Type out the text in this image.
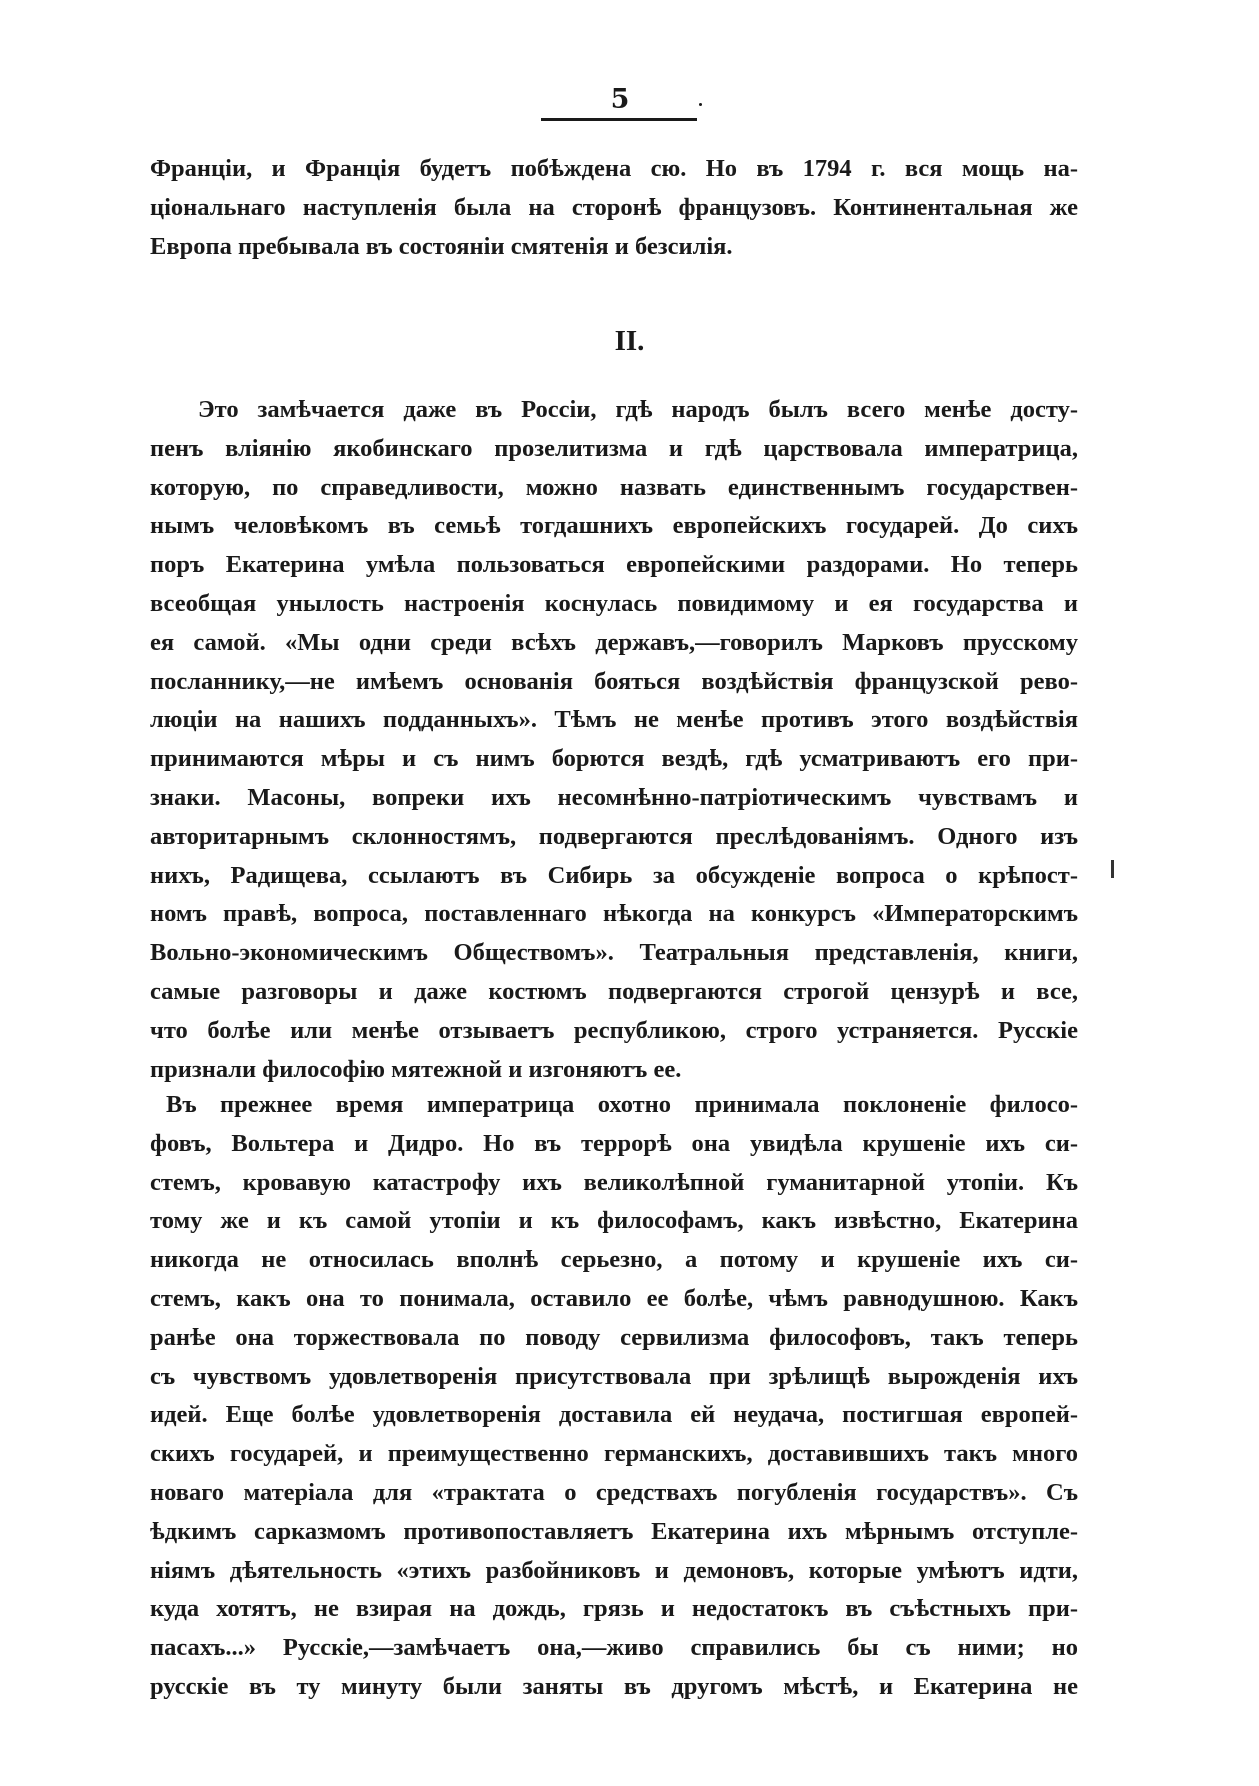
5
Франціи, и Франція будетъ побѣждена сю. Но въ 1794 г. вся мощь на-
ціональнаго наступленія была на сторонѣ французовъ. Континентальная же
Европа пребывала въ состояніи смятенія и безсилія.
II.
Это замѣчается даже въ Россіи, гдѣ народъ былъ всего менѣе досту-
пенъ вліянію якобинскаго прозелитизма и гдѣ царствовала императрица,
которую, по справедливости, можно назвать единственнымъ государствен-
нымъ человѣкомъ въ семьѣ тогдашнихъ европейскихъ государей. До сихъ
поръ Екатерина умѣла пользоваться европейскими раздорами. Но теперь
всеобщая унылость настроенія коснулась повидимому и ея государства и
ея самой. «Мы одни среди всѣхъ державъ,—говорилъ Марковъ прусскому
посланнику,—не имѣемъ основанія бояться воздѣйствія французской рево-
люціи на нашихъ подданныхъ». Тѣмъ не менѣе противъ этого воздѣйствія
принимаются мѣры и съ нимъ борются вездѣ, гдѣ усматриваютъ его при-
знаки. Масоны, вопреки ихъ несомнѣнно-патріотическимъ чувствамъ и
авторитарнымъ склонностямъ, подвергаются преслѣдованіямъ. Одного изъ
нихъ, Радищева, ссылаютъ въ Сибирь за обсужденіе вопроса о крѣпост-
номъ правѣ, вопроса, поставленнаго нѣкогда на конкурсъ «Императорскимъ
Вольно-экономическимъ Обществомъ». Театральныя представленія, книги,
самые разговоры и даже костюмъ подвергаются строгой цензурѣ и все,
что болѣе или менѣе отзываетъ республикою, строго устраняется. Русскіе
признали философію мятежной и изгоняютъ ее.
Въ прежнее время императрица охотно принимала поклоненіе филосо-
фовъ, Вольтера и Дидро. Но въ террорѣ она увидѣла крушеніе ихъ си-
стемъ, кровавую катастрофу ихъ великолѣпной гуманитарной утопіи. Къ
тому же и къ самой утопіи и къ философамъ, какъ извѣстно, Екатерина
никогда не относилась вполнѣ серьезно, а потому и крушеніе ихъ си-
стемъ, какъ она то понимала, оставило ее болѣе, чѣмъ равнодушною. Какъ
ранѣе она торжествовала по поводу сервилизма философовъ, такъ теперь
съ чувствомъ удовлетворенія присутствовала при зрѣлищѣ вырожденія ихъ
идей. Еще болѣе удовлетворенія доставила ей неудача, постигшая европей-
скихъ государей, и преимущественно германскихъ, доставившихъ такъ много
новаго матеріала для «трактата о средствахъ погубленія государствъ». Съ
ѣдкимъ сарказмомъ противопоставляетъ Екатерина ихъ мѣрнымъ отступле-
ніямъ дѣятельность «этихъ разбойниковъ и демоновъ, которые умѣютъ идти,
куда хотятъ, не взирая на дождь, грязь и недостатокъ въ съѣстныхъ при-
пасахъ...» Русскіе,—замѣчаетъ она,—живо справились бы съ ними; но
русскіе въ ту минуту были заняты въ другомъ мѣстѣ, и Екатерина не
